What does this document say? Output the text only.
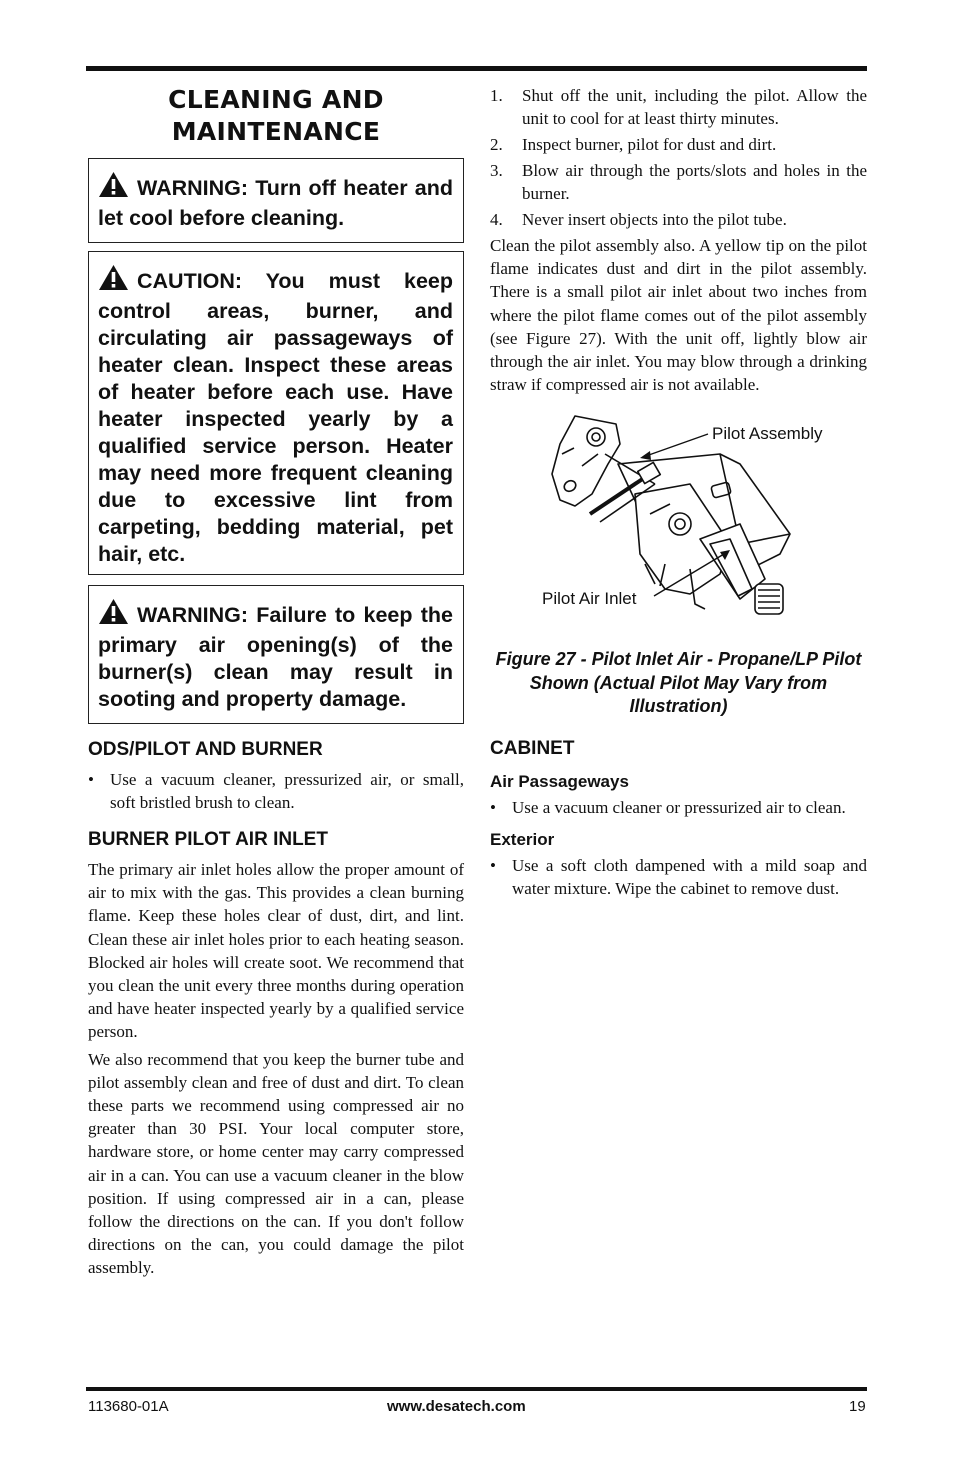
CLEANING AND
MAINTENANCE
WARNING: Turn off heater and let cool before cleaning.
CAUTION: You must keep control areas, burner, and circulating air passageways of heater clean. Inspect these areas of heater before each use. Have heater inspected yearly by a qualified service person. Heater may need more frequent cleaning due to excessive lint from carpeting, bedding material, pet hair, etc.
WARNING: Failure to keep the primary air opening(s) of the burner(s) clean may result in sooting and property damage.
ODS/PILOT AND BURNER
• Use a vacuum cleaner, pressurized air, or small, soft bristled brush to clean.
BURNER PILOT AIR INLET

The primary air inlet holes allow the proper amount of air to mix with the gas. This provides a clean burning flame. Keep these holes clear of dust, dirt, and lint. Clean these air inlet holes prior to each heating season. Blocked air holes will create soot. We recommend that you clean the unit every three months during operation and have heater inspected yearly by a qualified service person.

We also recommend that you keep the burner tube and pilot assembly clean and free of dust and dirt. To clean these parts we recommend using compressed air no greater than 30 PSI. Your local computer store, hardware store, or home center may carry compressed air in a can. You can use a vacuum cleaner in the blow position. If using compressed air in a can, please follow the directions on the can. If you don't follow directions on the can, you could damage the pilot assembly.

1. Shut off the unit, including the pilot. Allow the unit to cool for at least thirty minutes.
2. Inspect burner, pilot for dust and dirt.
3. Blow air through the ports/slots and holes in the burner.
4. Never insert objects into the pilot tube.

Clean the pilot assembly also. A yellow tip on the pilot flame indicates dust and dirt in the pilot assembly. There is a small pilot air inlet about two inches from where the pilot flame comes out of the pilot assembly (see Figure 27). With the unit off, lightly blow air through the air inlet. You may blow through a drinking straw if compressed air is not available.

Pilot Assembly
Pilot Air Inlet

Figure 27 - Pilot Inlet Air - Propane/LP Pilot Shown (Actual Pilot May Vary from Illustration)

CABINET
Air Passageways
• Use a vacuum cleaner or pressurized air to clean.
Exterior
• Use a soft cloth dampened with a mild soap and water mixture. Wipe the cabinet to remove dust.
113680-01A	www.desatech.com	19
